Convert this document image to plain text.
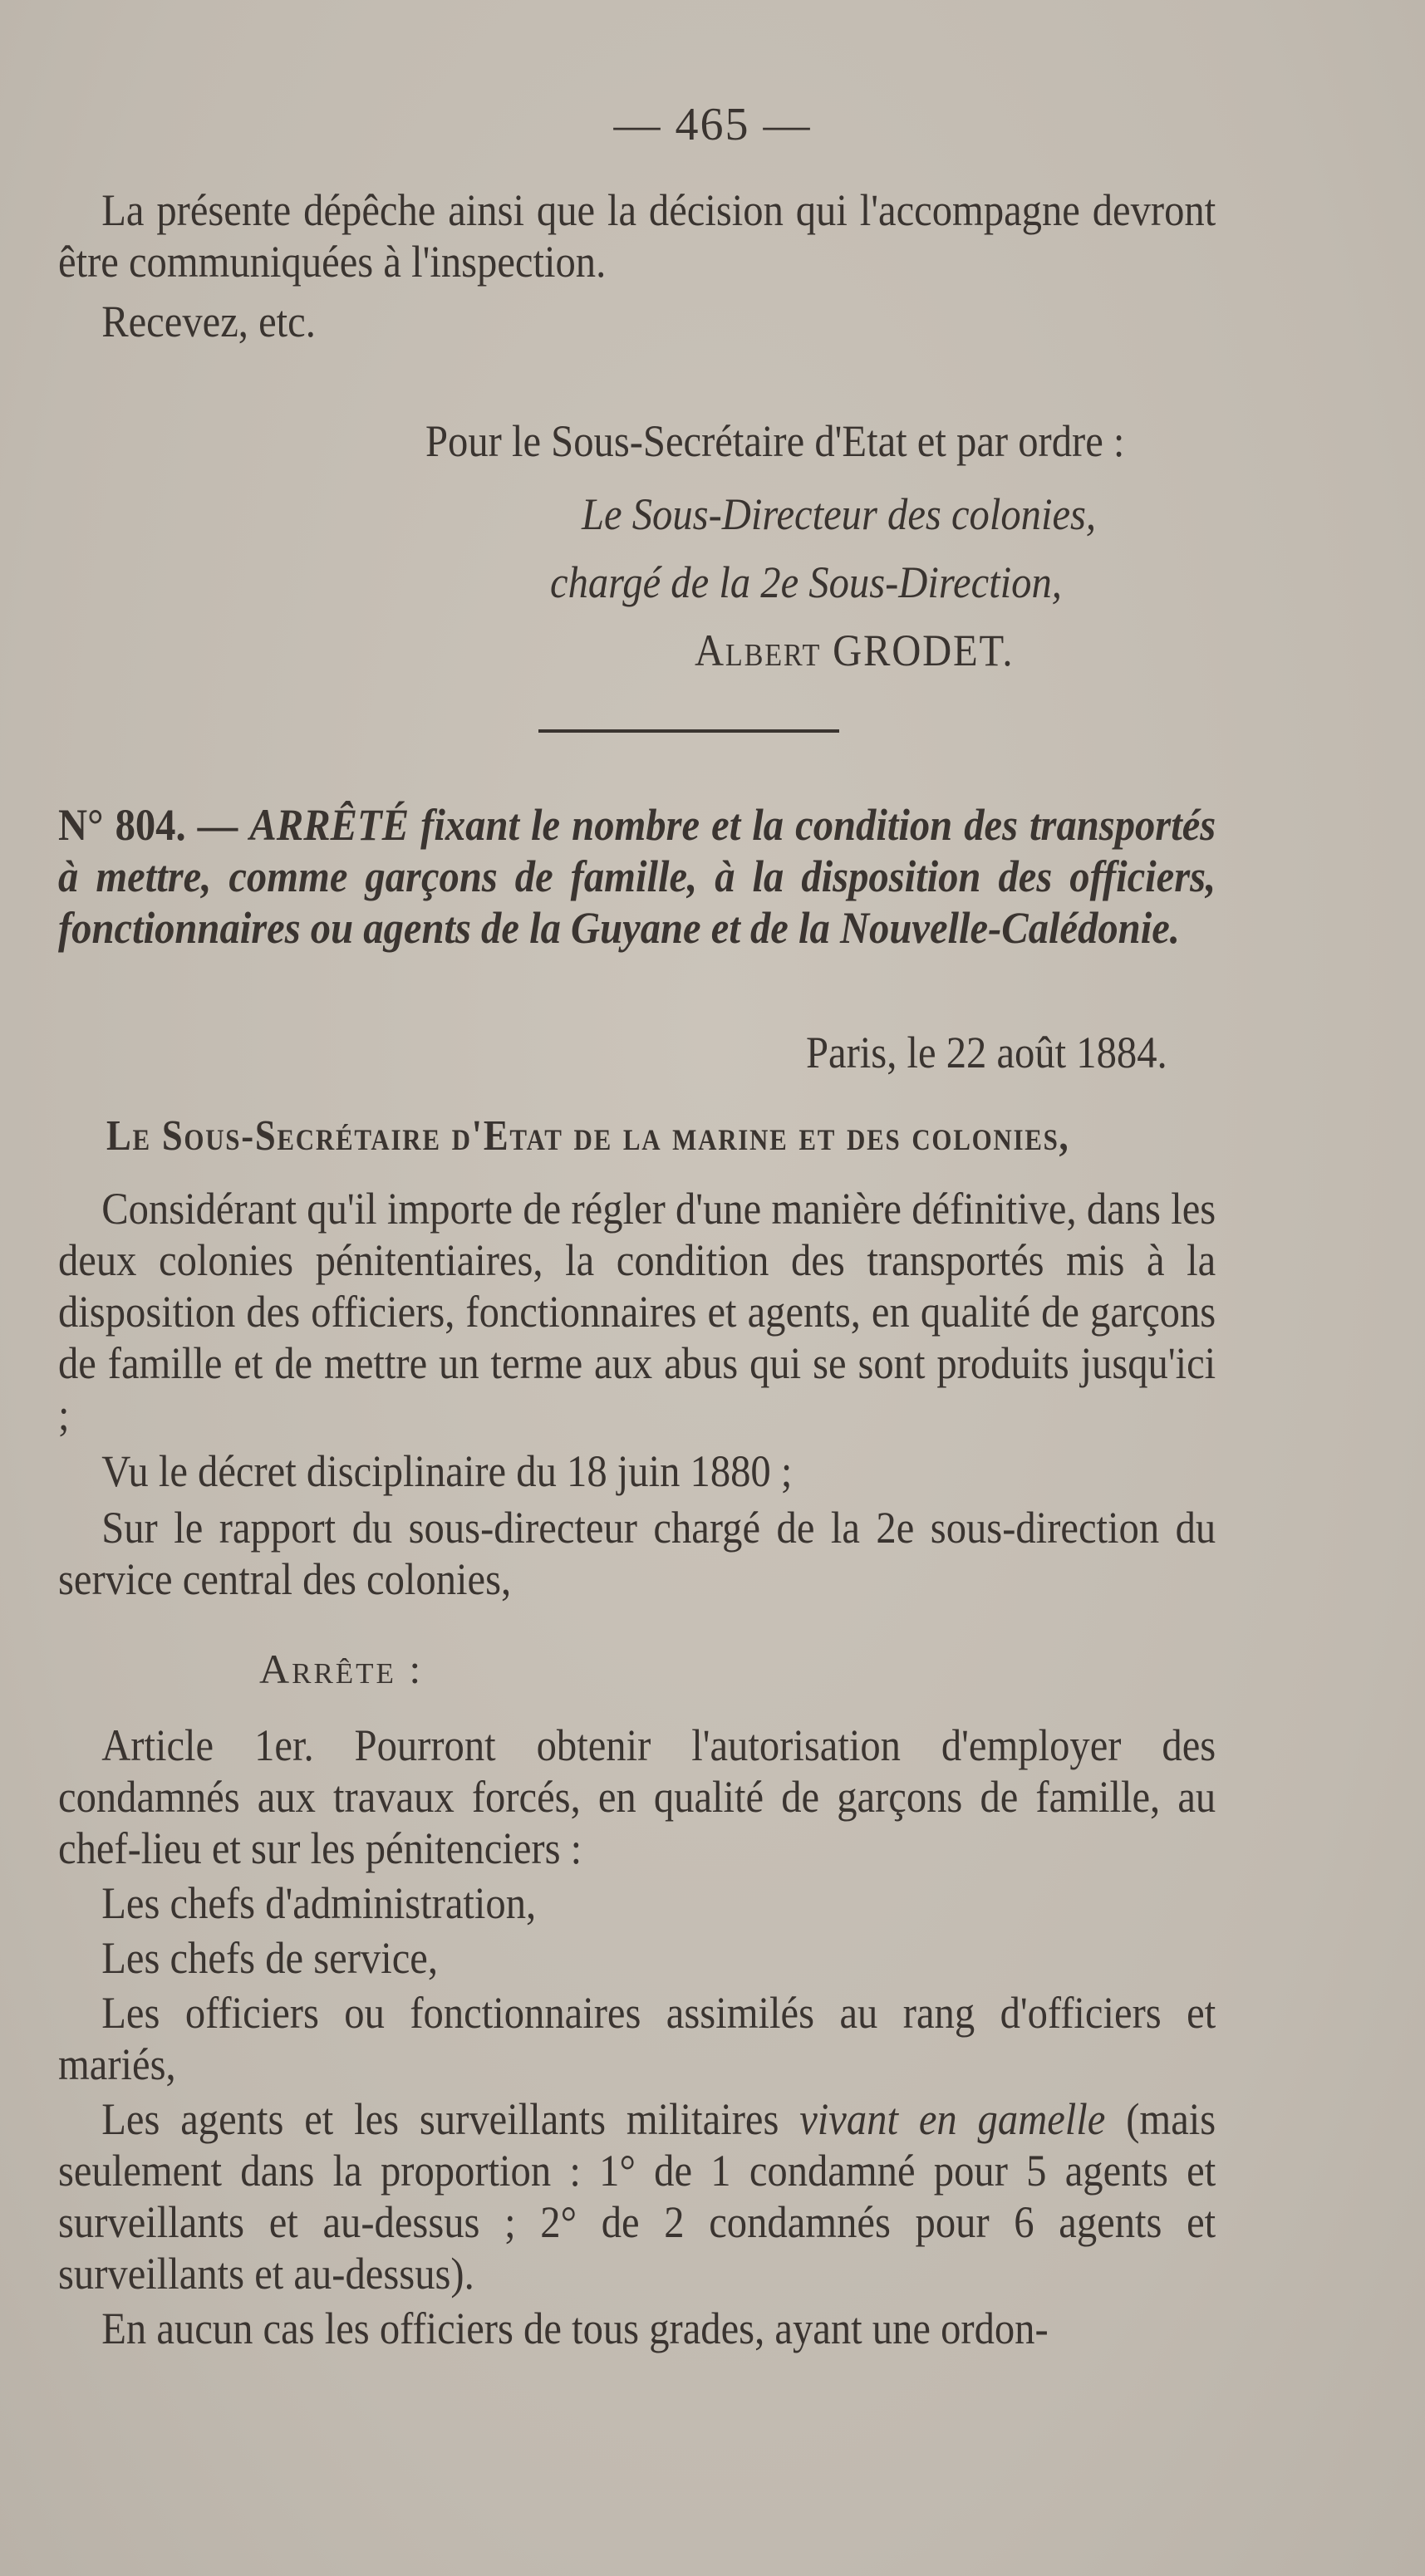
— 465 —

La présente dépêche ainsi que la décision qui l'accompagne devront être communiquées à l'inspection.

Recevez, etc.

Pour le Sous-Secrétaire d'Etat et par ordre :
Le Sous-Directeur des colonies,
chargé de la 2e Sous-Direction,
Albert GRODET.
N° 804. — ARRÊTÉ fixant le nombre et la condition des transportés à mettre, comme garçons de famille, à la disposition des officiers, fonctionnaires ou agents de la Guyane et de la Nouvelle-Calédonie.
Paris, le 22 août 1884.
Le Sous-Secrétaire d'Etat de la marine et des colonies,

Considérant qu'il importe de régler d'une manière définitive, dans les deux colonies pénitentiaires, la condition des transportés mis à la disposition des officiers, fonctionnaires et agents, en qualité de garçons de famille et de mettre un terme aux abus qui se sont produits jusqu'ici ;

Vu le décret disciplinaire du 18 juin 1880 ;

Sur le rapport du sous-directeur chargé de la 2e sous-direction du service central des colonies,

Arrête :

Article 1er. Pourront obtenir l'autorisation d'employer des condamnés aux travaux forcés, en qualité de garçons de famille, au chef-lieu et sur les pénitenciers :

Les chefs d'administration,

Les chefs de service,

Les officiers ou fonctionnaires assimilés au rang d'officiers et mariés,

Les agents et les surveillants militaires vivant en gamelle (mais seulement dans la proportion : 1° de 1 condamné pour 5 agents et surveillants et au-dessus ; 2° de 2 condamnés pour 6 agents et surveillants et au-dessus).

En aucun cas les officiers de tous grades, ayant une ordon-
